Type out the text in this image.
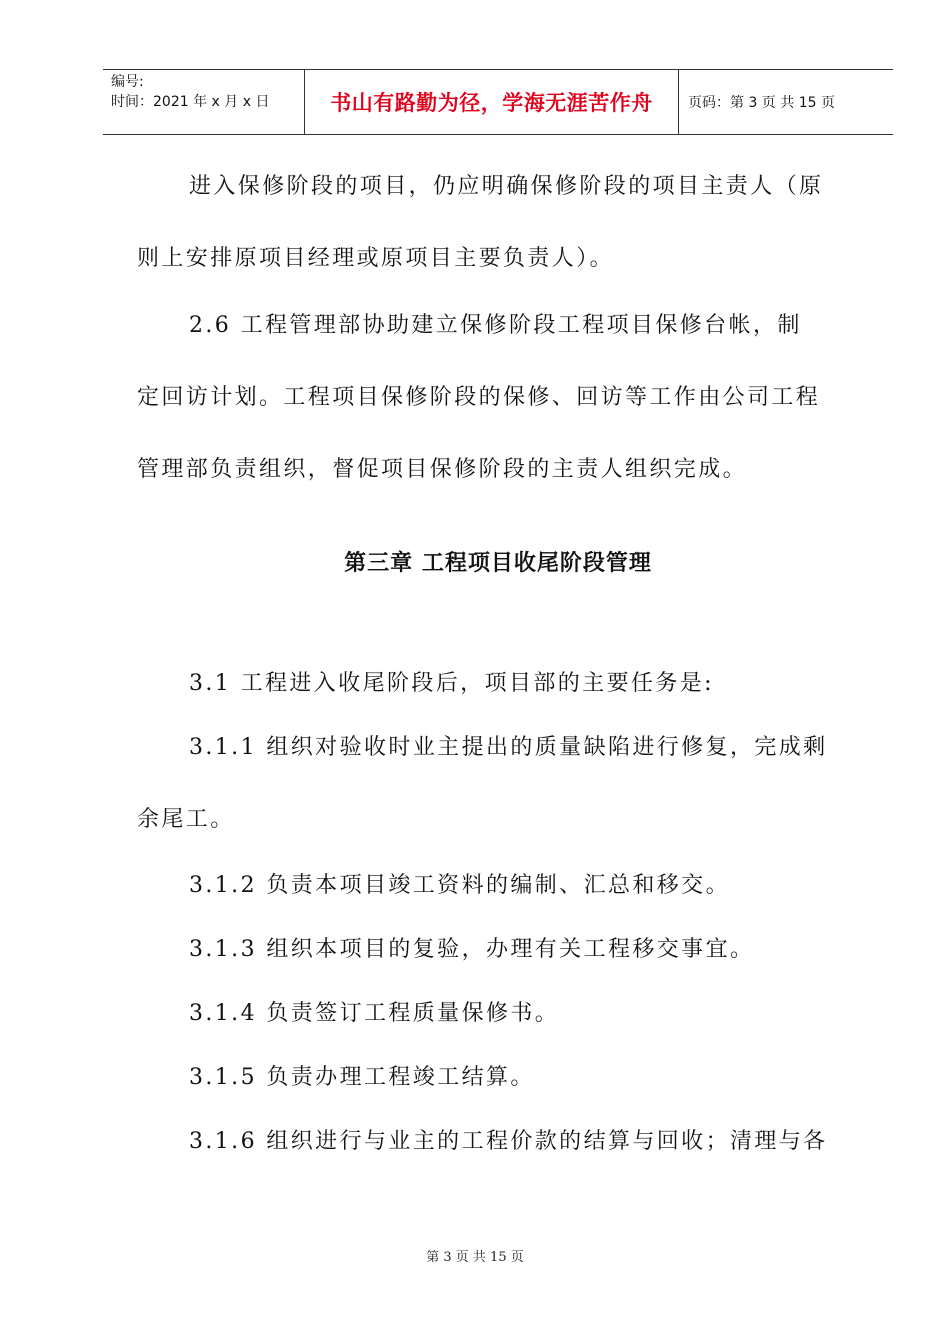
编号:
时间：2021 年 x 月 x 日	书山有路勤为径，学海无涯苦作舟	页码：第 3 页 共 15 页

进入保修阶段的项目，仍应明确保修阶段的项目主责人（原

则上安排原项目经理或原项目主要负责人）。

2.6 工程管理部协助建立保修阶段工程项目保修台帐，制

定回访计划。工程项目保修阶段的保修、回访等工作由公司工程

管理部负责组织，督促项目保修阶段的主责人组织完成。

第三章 工程项目收尾阶段管理

3.1 工程进入收尾阶段后，项目部的主要任务是:

3.1.1 组织对验收时业主提出的质量缺陷进行修复，完成剩

余尾工。

3.1.2 负责本项目竣工资料的编制、汇总和移交。

3.1.3 组织本项目的复验，办理有关工程移交事宜。

3.1.4 负责签订工程质量保修书。

3.1.5 负责办理工程竣工结算。

3.1.6 组织进行与业主的工程价款的结算与回收；清理与各

第 3 页 共 15 页
